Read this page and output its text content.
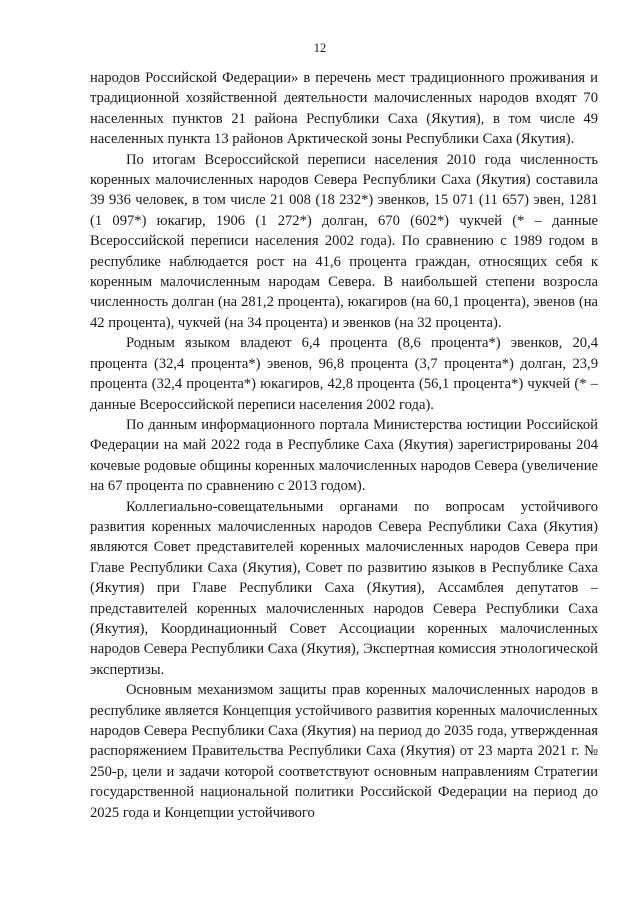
12

народов Российской Федерации» в перечень мест традиционного проживания и традиционной хозяйственной деятельности малочисленных народов входят 70 населенных пунктов 21 района Республики Саха (Якутия), в том числе 49 населенных пункта 13 районов Арктической зоны Республики Саха (Якутия).

По итогам Всероссийской переписи населения 2010 года численность коренных малочисленных народов Севера Республики Саха (Якутия) составила 39 936 человек, в том числе 21 008 (18 232*) эвенков, 15 071 (11 657) эвен, 1281 (1 097*) юкагир, 1906 (1 272*) долган, 670 (602*) чукчей (* – данные Всероссийской переписи населения 2002 года). По сравнению с 1989 годом в республике наблюдается рост на 41,6 процента граждан, относящих себя к коренным малочисленным народам Севера. В наибольшей степени возросла численность долган (на 281,2 процента), юкагиров (на 60,1 процента), эвенов (на 42 процента), чукчей (на 34 процента) и эвенков (на 32 процента).

Родным языком владеют 6,4 процента (8,6 процента*) эвенков, 20,4 процента (32,4 процента*) эвенов, 96,8 процента (3,7 процента*) долган, 23,9 процента (32,4 процента*) юкагиров, 42,8 процента (56,1 процента*) чукчей (* – данные Всероссийской переписи населения 2002 года).

По данным информационного портала Министерства юстиции Российской Федерации на май 2022 года в Республике Саха (Якутия) зарегистрированы 204 кочевые родовые общины коренных малочисленных народов Севера (увеличение на 67 процента по сравнению с 2013 годом).

Коллегиально-совещательными органами по вопросам устойчивого развития коренных малочисленных народов Севера Республики Саха (Якутия) являются Совет представителей коренных малочисленных народов Севера при Главе Республики Саха (Якутия), Совет по развитию языков в Республике Саха (Якутия) при Главе Республики Саха (Якутия), Ассамблея депутатов – представителей коренных малочисленных народов Севера Республики Саха (Якутия), Координационный Совет Ассоциации коренных малочисленных народов Севера Республики Саха (Якутия), Экспертная комиссия этнологической экспертизы.

Основным механизмом защиты прав коренных малочисленных народов в республике является Концепция устойчивого развития коренных малочисленных народов Севера Республики Саха (Якутия) на период до 2035 года, утвержденная распоряжением Правительства Республики Саха (Якутия) от 23 марта 2021 г. № 250-р, цели и задачи которой соответствуют основным направлениям Стратегии государственной национальной политики Российской Федерации на период до 2025 года и Концепции устойчивого
